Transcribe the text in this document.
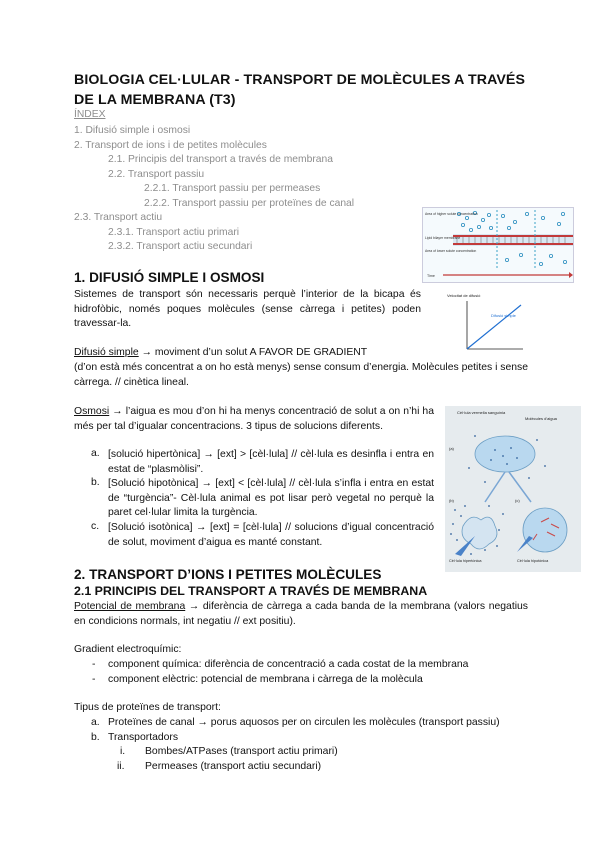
BIOLOGIA CEL·LULAR - TRANSPORT DE MOLÈCULES A TRAVÉS DE LA MEMBRANA (T3)
ÍNDEX
1. Difusió simple i osmosi
2. Transport de ions i de petites molècules
2.1. Principis del transport a través de membrana
2.2. Transport passiu
2.2.1. Transport passiu per permeases
2.2.2. Transport passiu per proteïnes de canal
2.3. Transport actiu
2.3.1. Transport actiu primari
2.3.2. Transport actiu secundari
Area of higher solute concentration
Lipid bilayer membrane
Area of lower solute concentration
Time
1. DIFUSIÓ SIMPLE I OSMOSI
Sistemes de transport són necessaris perquè l’interior de la bicapa és hidrofòbic, només poques molècules (sense càrrega i petites) poden travessar-la.
Velocitat de difusió
Difusió simple
Difusió simple → moviment d’un solut A FAVOR DE GRADIENT
(d’on està més concentrat a on ho està menys) sense consum d’energia. Molècules petites i sense càrrega. // cinètica lineal.
Osmosi → l’aigua es mou d’on hi ha menys concentració de solut a on n’hi ha més per tal d’igualar concentracions. 3 tipus de solucions diferents.
a. [solució hipertònica] → [ext] > [cèl·lula] // cèl·lula es desinfla i entra en estat de “plasmòlisi”.
b. [Solució hipotònica] → [ext] < [cèl·lula] // cèl·lula s’infla i entra en estat de “turgència”- Cèl·lula animal es pot lisar però vegetal no perquè la paret cel·lular limita la turgència.
c. [Solució isotònica] → [ext] = [cèl·lula] // solucions d’igual concentració de solut, moviment d’aigua es manté constant.
Cèl·lula vermella sanguínia
Molècules d'aigua
(a)
(b)	(c)
Cèl·lula hipertònica	Cèl·lula hipotònica
2. TRANSPORT D’IONS I PETITES MOLÈCULES
2.1 PRINCIPIS DEL TRANSPORT A TRAVÉS DE MEMBRANA
Potencial de membrana → diferència de càrrega a cada banda de la membrana (valors negatius en condicions normals, int negatiu // ext positiu).
Gradient electroquímic:
- component química: diferència de concentració a cada costat de la membrana
- component elèctric: potencial de membrana i càrrega de la molècula
Tipus de proteïnes de transport:
a. Proteïnes de canal → porus aquosos per on circulen les molècules (transport passiu)
b. Transportadors
i. Bombes/ATPases (transport actiu primari)
ii. Permeases (transport actiu secundari)
